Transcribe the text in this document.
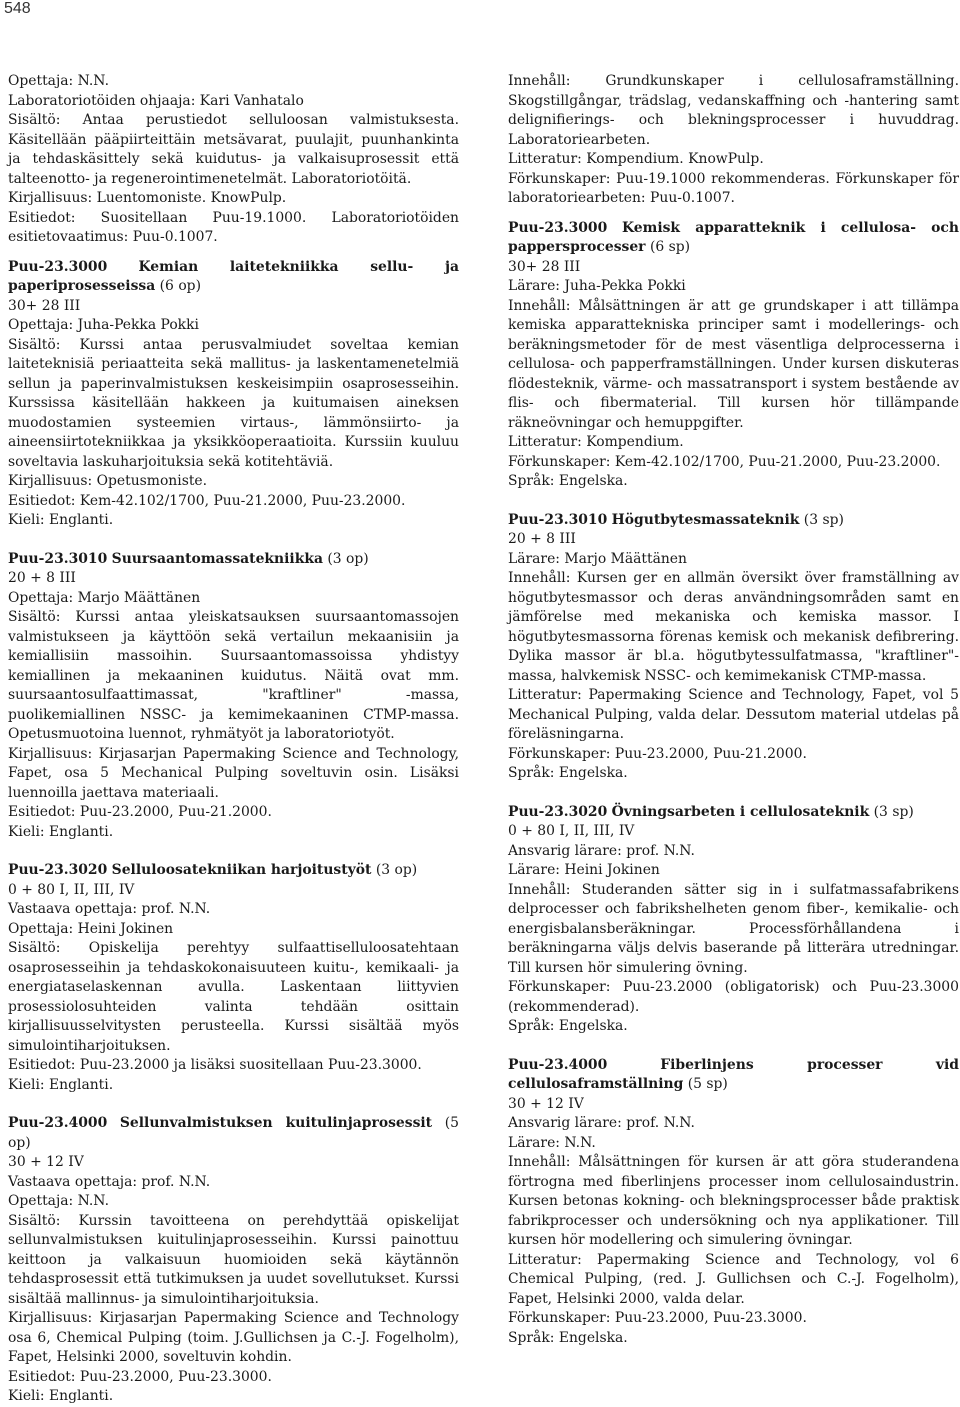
548

Opettaja: N.N.

Laboratoriotöiden ohjaaja: Kari Vanhatalo

Sisältö: Antaa perustiedot selluloosan valmistuksesta. Käsitellään pääpiirteittäin metsävarat, puulajit, puunhankinta ja tehdaskäsittely sekä kuidutus- ja valkaisuprosessit että talteenotto- ja regenerointimenetelmät. Laboratoriotöitä.

Kirjallisuus: Luentomoniste. KnowPulp.

Esitiedot: Suositellaan Puu-19.1000. Laboratoriotöiden esitietovaatimus: Puu-0.1007.

Puu-23.3000 Kemian laitetekniikka sellu- ja paperiprosesseissa (6 op)

30+ 28 III

Opettaja: Juha-Pekka Pokki

Sisältö: Kurssi antaa perusvalmiudet soveltaa kemian laiteteknisiä periaatteita sekä mallitus- ja laskentamenetelmiä sellun ja paperinvalmistuksen keskeisimpiin osaprosesseihin. Kurssissa käsitellään hakkeen ja kuitumaisen aineksen muodostamien systeemien virtaus-, lämmönsiirto- ja aineensiirtotekniikkaa ja yksikköoperaatioita. Kurssiin kuuluu soveltavia laskuharjoituksia sekä kotitehtäviä.

Kirjallisuus: Opetusmoniste.

Esitiedot: Kem-42.102/1700, Puu-21.2000, Puu-23.2000.

Kieli: Englanti.

Puu-23.3010 Suursaantomassatekniikka (3 op)

20 + 8 III

Opettaja: Marjo Määttänen

Sisältö: Kurssi antaa yleiskatsauksen suursaantomassojen valmistukseen ja käyttöön sekä vertailun mekaanisiin ja kemiallisiin massoihin. Suursaantomassoissa yhdistyy kemiallinen ja mekaaninen kuidutus. Näitä ovat mm. suursaantosulfaattimassat, "kraftliner" -massa, puolikemiallinen NSSC- ja kemimekaaninen CTMP-massa. Opetusmuotoina luennot, ryhmätyöt ja laboratoriotyöt.

Kirjallisuus: Kirjasarjan Papermaking Science and Technology, Fapet, osa 5 Mechanical Pulping soveltuvin osin. Lisäksi luennoilla jaettava materiaali.

Esitiedot: Puu-23.2000, Puu-21.2000.

Kieli: Englanti.

Puu-23.3020 Selluloosatekniikan harjoitustyöt (3 op)

0 + 80 I, II, III, IV

Vastaava opettaja: prof. N.N.

Opettaja: Heini Jokinen

Sisältö: Opiskelija perehtyy sulfaattiselluloosatehtaan osaprosesseihin ja tehdaskokonaisuuteen kuitu-, kemikaali- ja energiataselaskennan avulla. Laskentaan liittyvien prosessiolosuhteiden valinta tehdään osittain kirjallisuusselvitysten perusteella. Kurssi sisältää myös simulointiharjoituksen.

Esitiedot: Puu-23.2000 ja lisäksi suositellaan Puu-23.3000.

Kieli: Englanti.

Puu-23.4000 Sellunvalmistuksen kuitulinjaprosessit (5 op)

30 + 12 IV

Vastaava opettaja: prof. N.N.

Opettaja: N.N.

Sisältö: Kurssin tavoitteena on perehdyttää opiskelijat sellunvalmistuksen kuitulinjaprosesseihin. Kurssi painottuu keittoon ja valkaisuun huomioiden sekä käytännön tehdasprosessit että tutkimuksen ja uudet sovellutukset. Kurssi sisältää mallinnus- ja simulointiharjoituksia.

Kirjallisuus: Kirjasarjan Papermaking Science and Technology osa 6, Chemical Pulping (toim. J.Gullichsen ja C.-J. Fogelholm), Fapet, Helsinki 2000, soveltuvin kohdin.

Esitiedot: Puu-23.2000, Puu-23.3000.

Kieli: Englanti.

Innehåll: Grundkunskaper i cellulosaframställning. Skogstillgångar, trädslag, vedanskaffning och -hantering samt delignifierings- och blekningsprocesser i huvuddrag. Laboratoriearbeten.

Litteratur: Kompendium. KnowPulp.

Förkunskaper: Puu-19.1000 rekommenderas. Förkunskaper för laboratoriearbeten: Puu-0.1007.

Puu-23.3000 Kemisk apparatteknik i cellulosa- och pappersprocesser (6 sp)

30+ 28 III

Lärare: Juha-Pekka Pokki

Innehåll: Målsättningen är att ge grundskaper i att tillämpa kemiska apparattekniska principer samt i modellerings- och beräkningsmetoder för de mest väsentliga delprocesserna i cellulosa- och papperframställningen. Under kursen diskuteras flödesteknik, värme- och massatransport i system bestående av flis- och fibermaterial. Till kursen hör tillämpande räkneövningar och hemuppgifter.

Litteratur: Kompendium.

Förkunskaper: Kem-42.102/1700, Puu-21.2000, Puu-23.2000.

Språk: Engelska.

Puu-23.3010 Högutbytesmassateknik (3 sp)

20 + 8 III

Lärare: Marjo Määttänen

Innehåll: Kursen ger en allmän översikt över framställning av högutbytesmassor och deras användningsområden samt en jämförelse med mekaniska och kemiska massor. I högutbytesmassorna förenas kemisk och mekanisk defibrering. Dylika massor är bl.a. högutbytessulfatmassa, "kraftliner"-massa, halvkemisk NSSC- och kemimekanisk CTMP-massa.

Litteratur: Papermaking Science and Technology, Fapet, vol 5 Mechanical Pulping, valda delar. Dessutom material utdelas på föreläsningarna.

Förkunskaper: Puu-23.2000, Puu-21.2000.

Språk: Engelska.

Puu-23.3020 Övningsarbeten i cellulosateknik (3 sp)

0 + 80 I, II, III, IV

Ansvarig lärare: prof. N.N.

Lärare: Heini Jokinen

Innehåll: Studeranden sätter sig in i sulfatmassafabrikens delprocesser och fabrikshelheten genom fiber-, kemikalie- och energisbalansberäkningar. Processförhållandena i beräkningarna väljs delvis baserande på litterära utredningar. Till kursen hör simulering övning.

Förkunskaper: Puu-23.2000 (obligatorisk) och Puu-23.3000 (rekommenderad).

Språk: Engelska.

Puu-23.4000	Fiberlinjens processer vid cellulosaframställning (5 sp)

30 + 12 IV

Ansvarig lärare: prof. N.N.

Lärare: N.N.

Innehåll: Målsättningen för kursen är att göra studerandena förtrogna med fiberlinjens processer inom cellulosaindustrin. Kursen betonas kokning- och blekningsprocesser både praktisk fabrikprocesser och undersökning och nya applikationer. Till kursen hör modellering och simulering övningar.

Litteratur: Papermaking Science and Technology, vol 6 Chemical Pulping, (red. J. Gullichsen och C.-J. Fogelholm), Fapet, Helsinki 2000, valda delar.

Förkunskaper: Puu-23.2000, Puu-23.3000.

Språk: Engelska.
